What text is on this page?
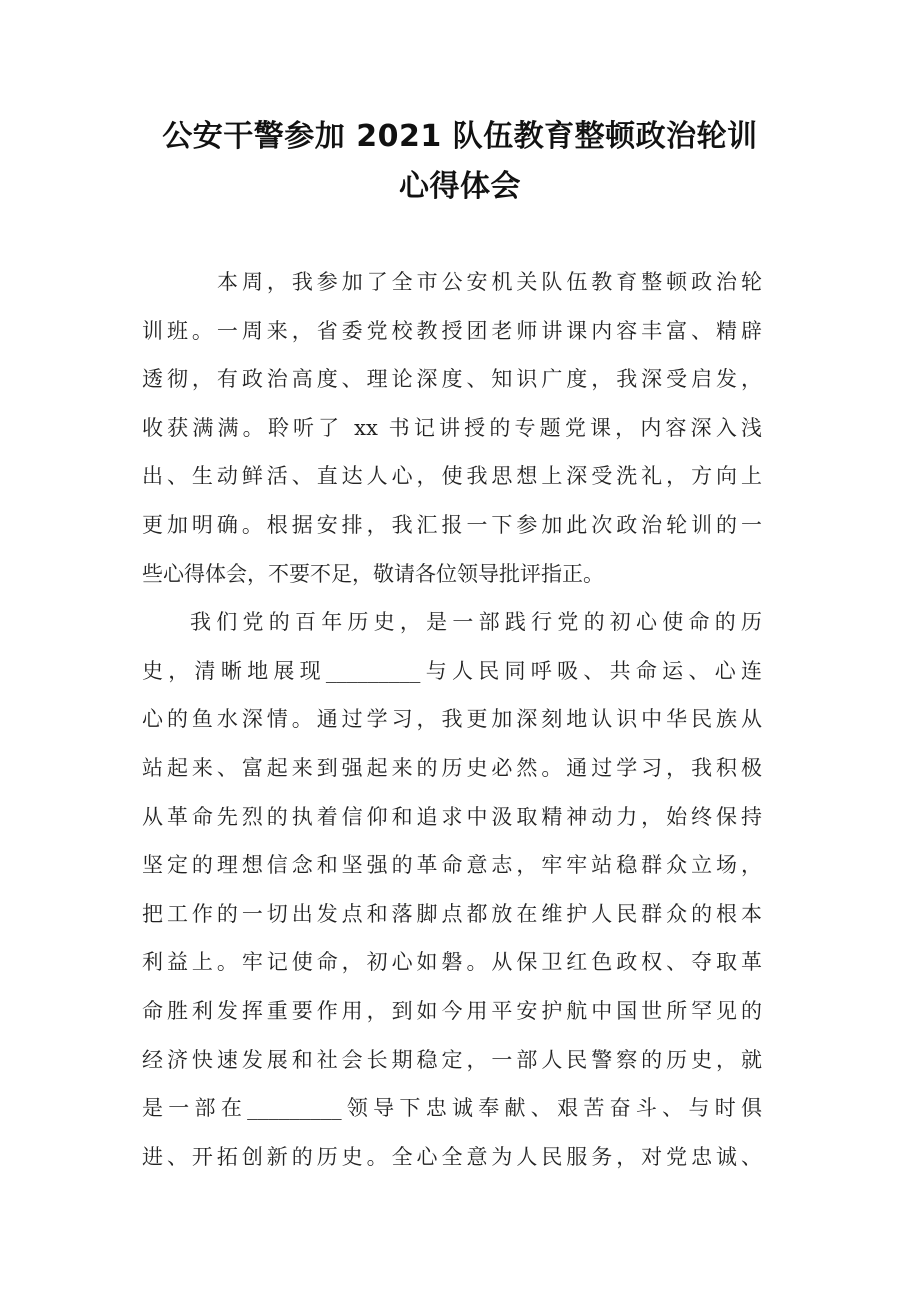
公安干警参加 2021 队伍教育整顿政治轮训
心得体会
本周，我参加了全市公安机关队伍教育整顿政治轮
训班。一周来，省委党校教授团老师讲课内容丰富、精辟
透彻，有政治高度、理论深度、知识广度，我深受启发，
收获满满。聆听了 xx 书记讲授的专题党课，内容深入浅
出、生动鲜活、直达人心，使我思想上深受洗礼，方向上
更加明确。根据安排，我汇报一下参加此次政治轮训的一
些心得体会，不要不足，敬请各位领导批评指正。
我们党的百年历史，是一部践行党的初心使命的历
史，清晰地展现_________与人民同呼吸、共命运、心连
心的鱼水深情。通过学习，我更加深刻地认识中华民族从
站起来、富起来到强起来的历史必然。通过学习，我积极
从革命先烈的执着信仰和追求中汲取精神动力，始终保持
坚定的理想信念和坚强的革命意志，牢牢站稳群众立场，
把工作的一切出发点和落脚点都放在维护人民群众的根本
利益上。牢记使命，初心如磐。从保卫红色政权、夺取革
命胜利发挥重要作用，到如今用平安护航中国世所罕见的
经济快速发展和社会长期稳定，一部人民警察的历史，就
是一部在_________领导下忠诚奉献、艰苦奋斗、与时俱
进、开拓创新的历史。全心全意为人民服务，对党忠诚、
